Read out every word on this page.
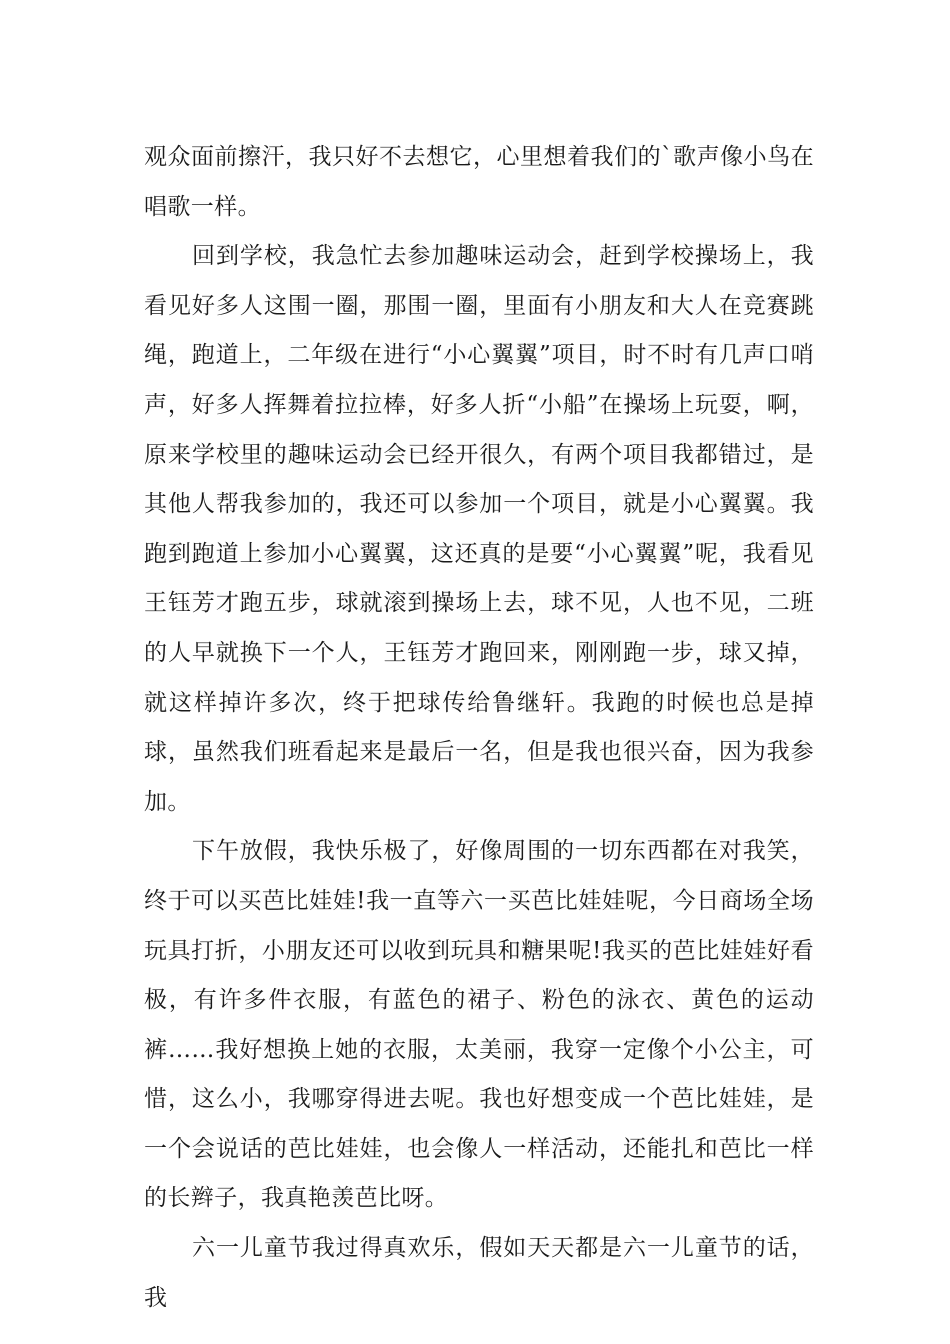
观众面前擦汗，我只好不去想它，心里想着我们的`歌声像小鸟在唱歌一样。

回到学校，我急忙去参加趣味运动会，赶到学校操场上，我看见好多人这围一圈，那围一圈，里面有小朋友和大人在竞赛跳绳，跑道上，二年级在进行“小心翼翼”项目，时不时有几声口哨声，好多人挥舞着拉拉棒，好多人折“小船”在操场上玩耍，啊，原来学校里的趣味运动会已经开很久，有两个项目我都错过，是其他人帮我参加的，我还可以参加一个项目，就是小心翼翼。我跑到跑道上参加小心翼翼，这还真的是要“小心翼翼”呢，我看见王钰芳才跑五步，球就滚到操场上去，球不见，人也不见，二班的人早就换下一个人，王钰芳才跑回来，刚刚跑一步，球又掉，就这样掉许多次，终于把球传给鲁继轩。我跑的时候也总是掉球，虽然我们班看起来是最后一名，但是我也很兴奋，因为我参加。

下午放假，我快乐极了，好像周围的一切东西都在对我笑，终于可以买芭比娃娃!我一直等六一买芭比娃娃呢，今日商场全场玩具打折，小朋友还可以收到玩具和糖果呢!我买的芭比娃娃好看极，有许多件衣服，有蓝色的裙子、粉色的泳衣、黄色的运动裤……我好想换上她的衣服，太美丽，我穿一定像个小公主，可惜，这么小，我哪穿得进去呢。我也好想变成一个芭比娃娃，是一个会说话的芭比娃娃，也会像人一样活动，还能扎和芭比一样的长辫子，我真艳羡芭比呀。

六一儿童节我过得真欢乐，假如天天都是六一儿童节的话，我
